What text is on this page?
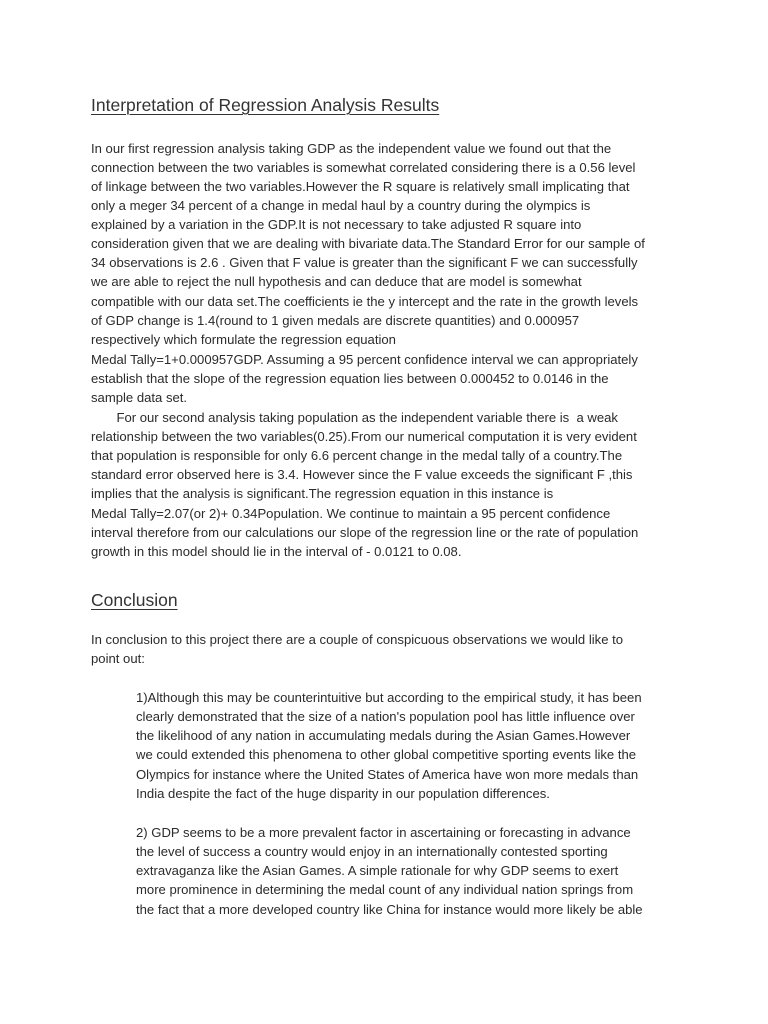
Interpretation of Regression Analysis Results

In our first regression analysis taking GDP as the independent value we found out that the

connection between the two variables is somewhat correlated considering there is a 0.56 level

of linkage between the two variables.However the R square is relatively small implicating that

only a meger 34 percent of a change in medal haul by a country during the olympics is

explained by a variation in the GDP.It is not necessary to take adjusted R square into

consideration given that we are dealing with bivariate data.The Standard Error for our sample of

34 observations is 2.6 . Given that F value is greater than the significant F we can successfully

we are able to reject the null hypothesis and can deduce that are model is somewhat

compatible with our data set.The coefficients ie the y intercept and the rate in the growth levels

of GDP change is 1.4(round to 1 given medals are discrete quantities) and 0.000957

respectively which formulate the regression equation

Medal Tally=1+0.000957GDP. Assuming a 95 percent confidence interval we can appropriately

establish that the slope of the regression equation lies between 0.000452 to 0.0146 in the

sample data set.

For our second analysis taking population as the independent variable there is  a weak

relationship between the two variables(0.25).From our numerical computation it is very evident

that population is responsible for only 6.6 percent change in the medal tally of a country.The

standard error observed here is 3.4. However since the F value exceeds the significant F ,this

implies that the analysis is significant.The regression equation in this instance is

Medal Tally=2.07(or 2)+ 0.34Population. We continue to maintain a 95 percent confidence

interval therefore from our calculations our slope of the regression line or the rate of population

growth in this model should lie in the interval of - 0.0121 to 0.08.

Conclusion

In conclusion to this project there are a couple of conspicuous observations we would like to

point out:

1)Although this may be counterintuitive but according to the empirical study, it has been

clearly demonstrated that the size of a nation's population pool has little influence over

the likelihood of any nation in accumulating medals during the Asian Games.However

we could extended this phenomena to other global competitive sporting events like the

Olympics for instance where the United States of America have won more medals than

India despite the fact of the huge disparity in our population differences.

2) GDP seems to be a more prevalent factor in ascertaining or forecasting in advance

the level of success a country would enjoy in an internationally contested sporting

extravaganza like the Asian Games. A simple rationale for why GDP seems to exert

more prominence in determining the medal count of any individual nation springs from

the fact that a more developed country like China for instance would more likely be able
